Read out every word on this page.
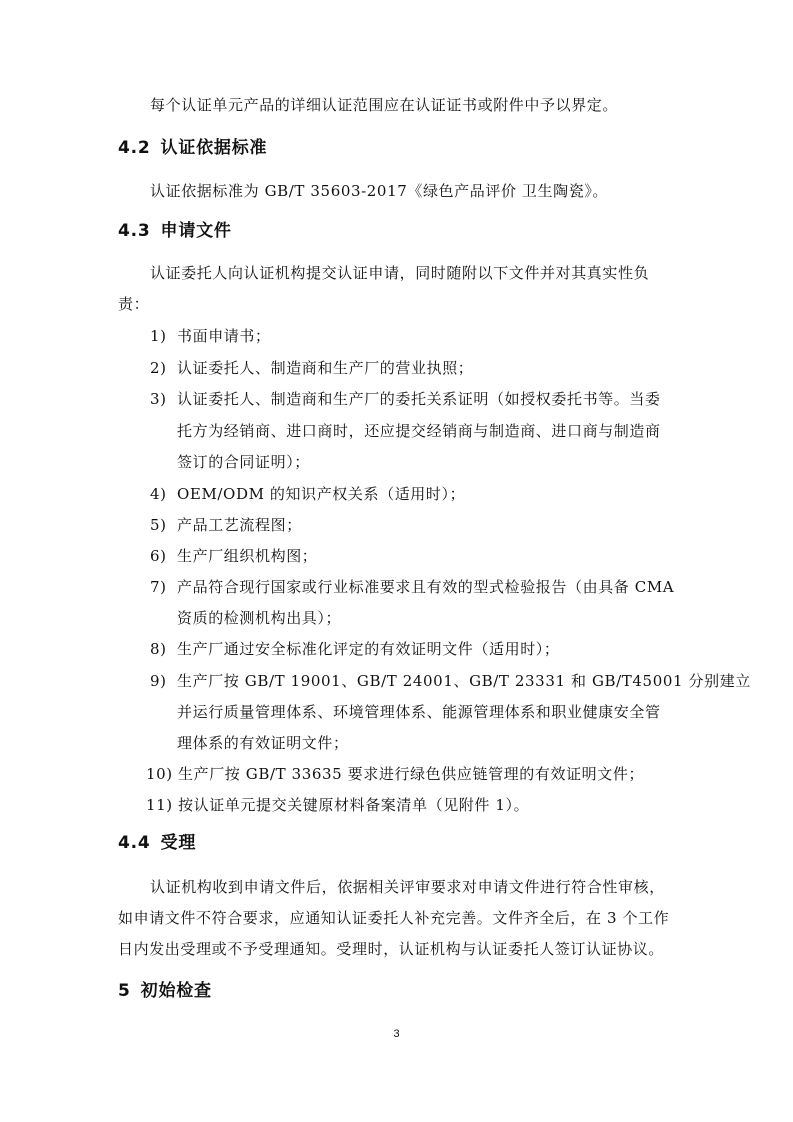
每个认证单元产品的详细认证范围应在认证证书或附件中予以界定。
4.2 认证依据标准
认证依据标准为 GB/T 35603-2017《绿色产品评价 卫生陶瓷》。
4.3 申请文件
认证委托人向认证机构提交认证申请，同时随附以下文件并对其真实性负
责：
1) 书面申请书；
2) 认证委托人、制造商和生产厂的营业执照；
3) 认证委托人、制造商和生产厂的委托关系证明（如授权委托书等。当委
托方为经销商、进口商时，还应提交经销商与制造商、进口商与制造商
签订的合同证明）；
4) OEM/ODM 的知识产权关系（适用时）；
5) 产品工艺流程图；
6) 生产厂组织机构图；
7) 产品符合现行国家或行业标准要求且有效的型式检验报告（由具备 CMA
资质的检测机构出具）；
8) 生产厂通过安全标准化评定的有效证明文件（适用时）；
9) 生产厂按 GB/T 19001、GB/T 24001、GB/T 23331 和 GB/T45001 分别建立
并运行质量管理体系、环境管理体系、能源管理体系和职业健康安全管
理体系的有效证明文件；
10) 生产厂按 GB/T 33635 要求进行绿色供应链管理的有效证明文件；
11) 按认证单元提交关键原材料备案清单（见附件 1）。
4.4 受理
认证机构收到申请文件后，依据相关评审要求对申请文件进行符合性审核，
如申请文件不符合要求，应通知认证委托人补充完善。文件齐全后，在 3 个工作
日内发出受理或不予受理通知。受理时，认证机构与认证委托人签订认证协议。
5 初始检查
3
